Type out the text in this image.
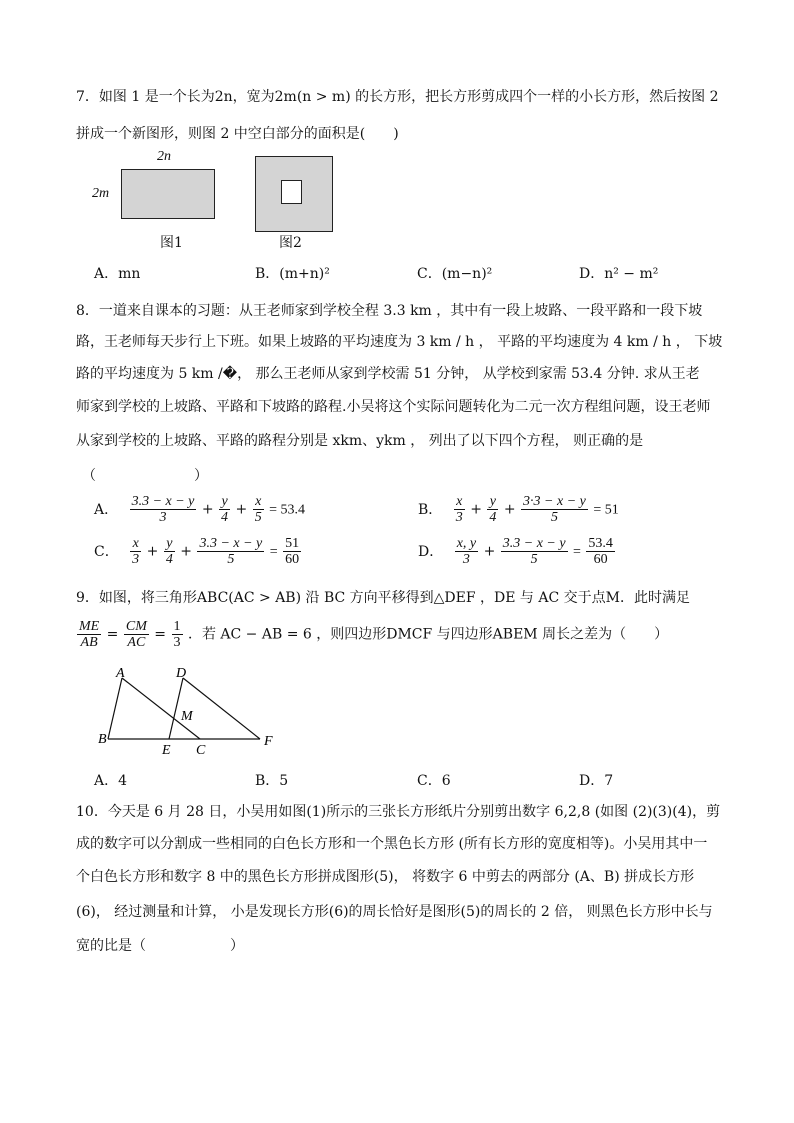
7．如图 1 是一个长为2n，宽为2m(n > m) 的长方形，把长方形剪成四个一样的小长方形，然后按图 2
拼成一个新图形，则图 2 中空白部分的面积是(　　)
2n
2m
图1	图2
A．mn	B．(m+n)²	C．(m−n)²	D．n² − m²
8．一道来自课本的习题：从王老师家到学校全程 3.3 km ，其中有一段上坡路、一段平路和一段下坡
路，王老师每天步行上下班。如果上坡路的平均速度为 3 km / h ， 平路的平均速度为 4 km / h ， 下坡
路的平均速度为 5 km /�， 那么王老师从家到学校需 51 分钟， 从学校到家需 53.4 分钟. 求从王老
师家到学校的上坡路、平路和下坡路的路程.小吴将这个实际问题转化为二元一次方程组问题，设王老师
从家到学校的上坡路、平路的路程分别是 xkm、ykm ， 列出了以下四个方程， 则正确的是
（　　　　　　　）
A． $\frac{3.3 - x - y}{3} + \frac{y}{4} + \frac{x}{5} = 53.4$	B． $\frac{x}{3} + \frac{y}{4} + \frac{3\cdot 3 - x - y}{5} = 51$
C． $\frac{x}{3} + \frac{y}{4} + \frac{3.3 - x - y}{5} = \frac{51}{60}$	D． $\frac{x, y}{3} + \frac{3.3 - x - y}{5} = \frac{53.4}{60}$
9．如图，将三角形ABC(AC > AB) 沿 BC 方向平移得到△DEF ，DE 与 AC 交于点M．此时满足
$\frac{ME}{AB} = \frac{CM}{AC} = \frac{1}{3}$ ．若 AC − AB = 6 ，则四边形DMCF 与四边形ABEM 周长之差为（　　）
A	D
M
B
E C
F
A．4	B．5	C．6	D．7
10．今天是 6 月 28 日，小吴用如图(1)所示的三张长方形纸片分别剪出数字 6,2,8 (如图 (2)(3)(4)，剪
成的数字可以分割成一些相同的白色长方形和一个黑色长方形 (所有长方形的宽度相等)。小吴用其中一
个白色长方形和数字 8 中的黑色长方形拼成图形(5)， 将数字 6 中剪去的两部分 (A、B) 拼成长方形
(6)， 经过测量和计算， 小是发现长方形(6)的周长恰好是图形(5)的周长的 2 倍， 则黑色长方形中长与
宽的比是（　　　　　　）
